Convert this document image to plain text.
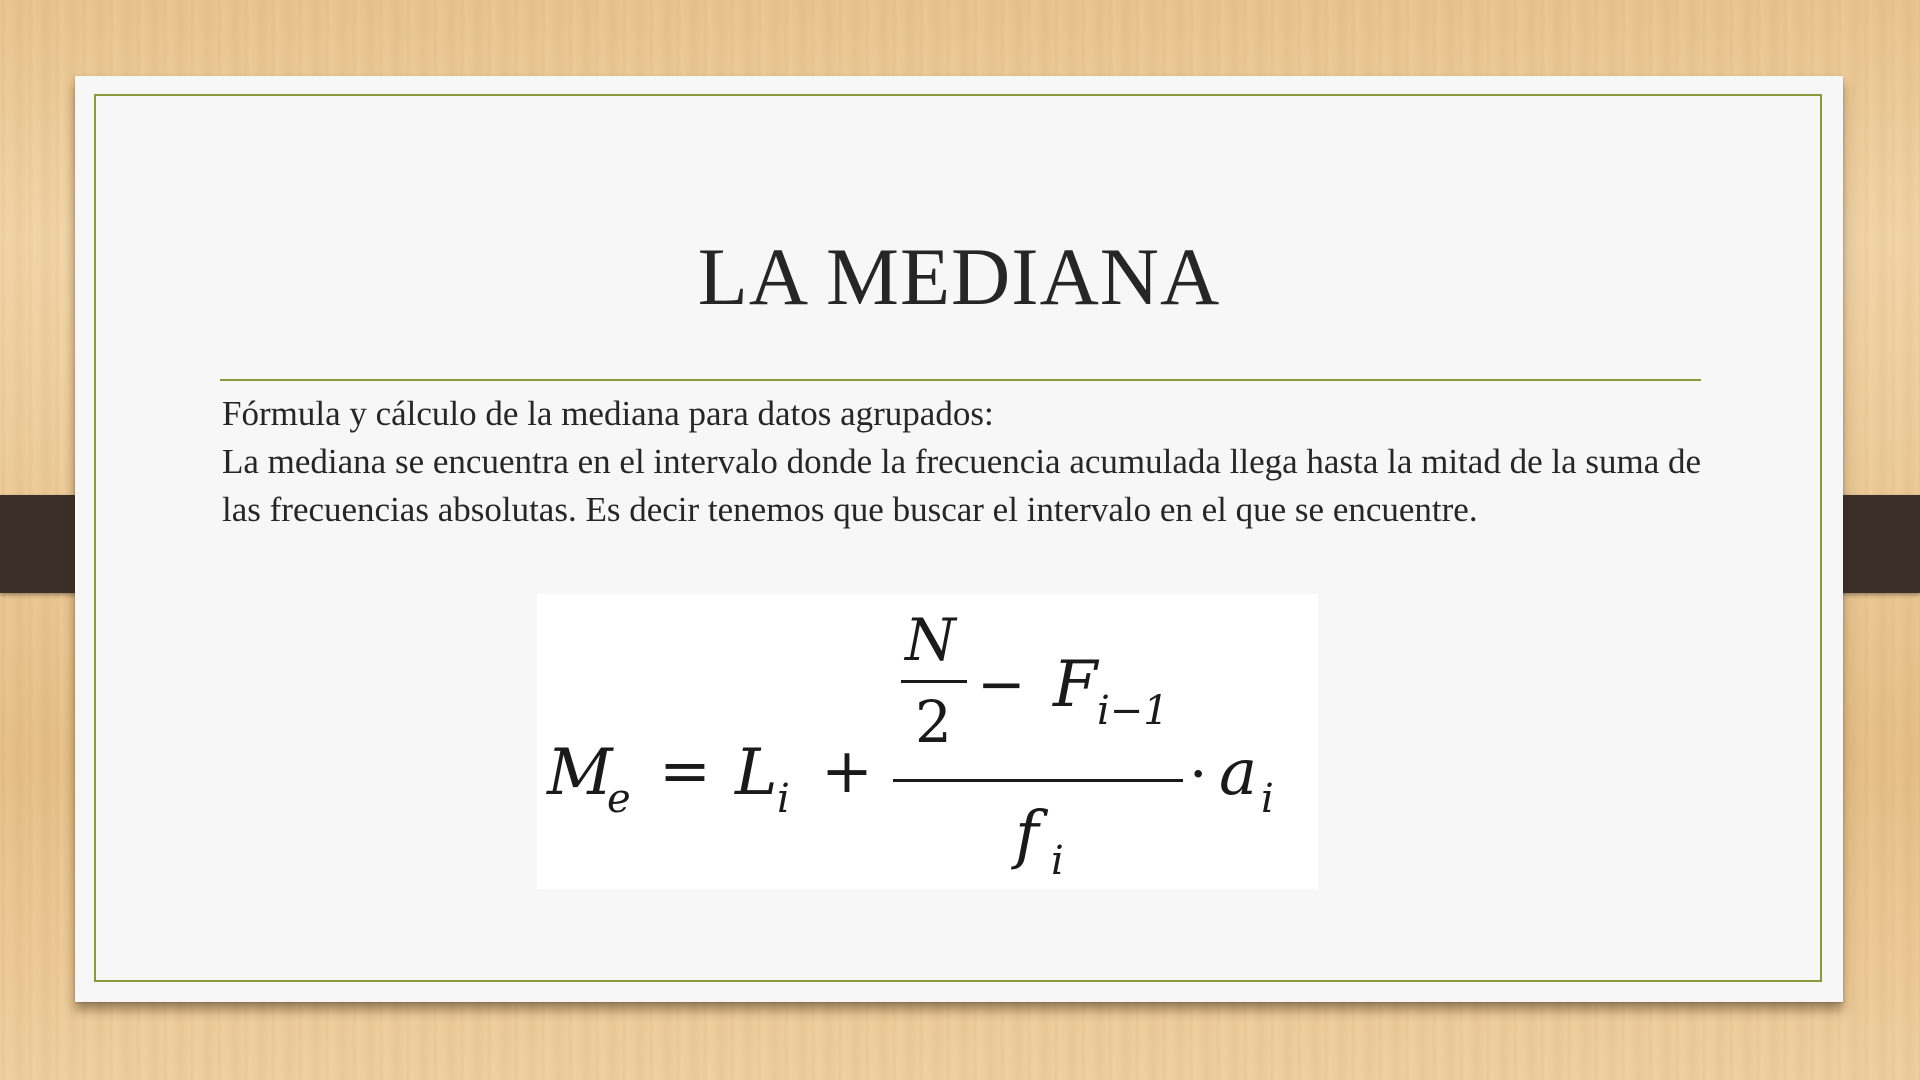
LA MEDIANA

Fórmula y cálculo de la mediana para datos agrupados:

La mediana se encuentra en el intervalo donde la frecuencia acumulada llega hasta la mitad de la suma de las frecuencias absolutas. Es decir tenemos que buscar el intervalo en el que se encuentre.

M
e = L i +
N
2
− F i−1
f i
· a i
